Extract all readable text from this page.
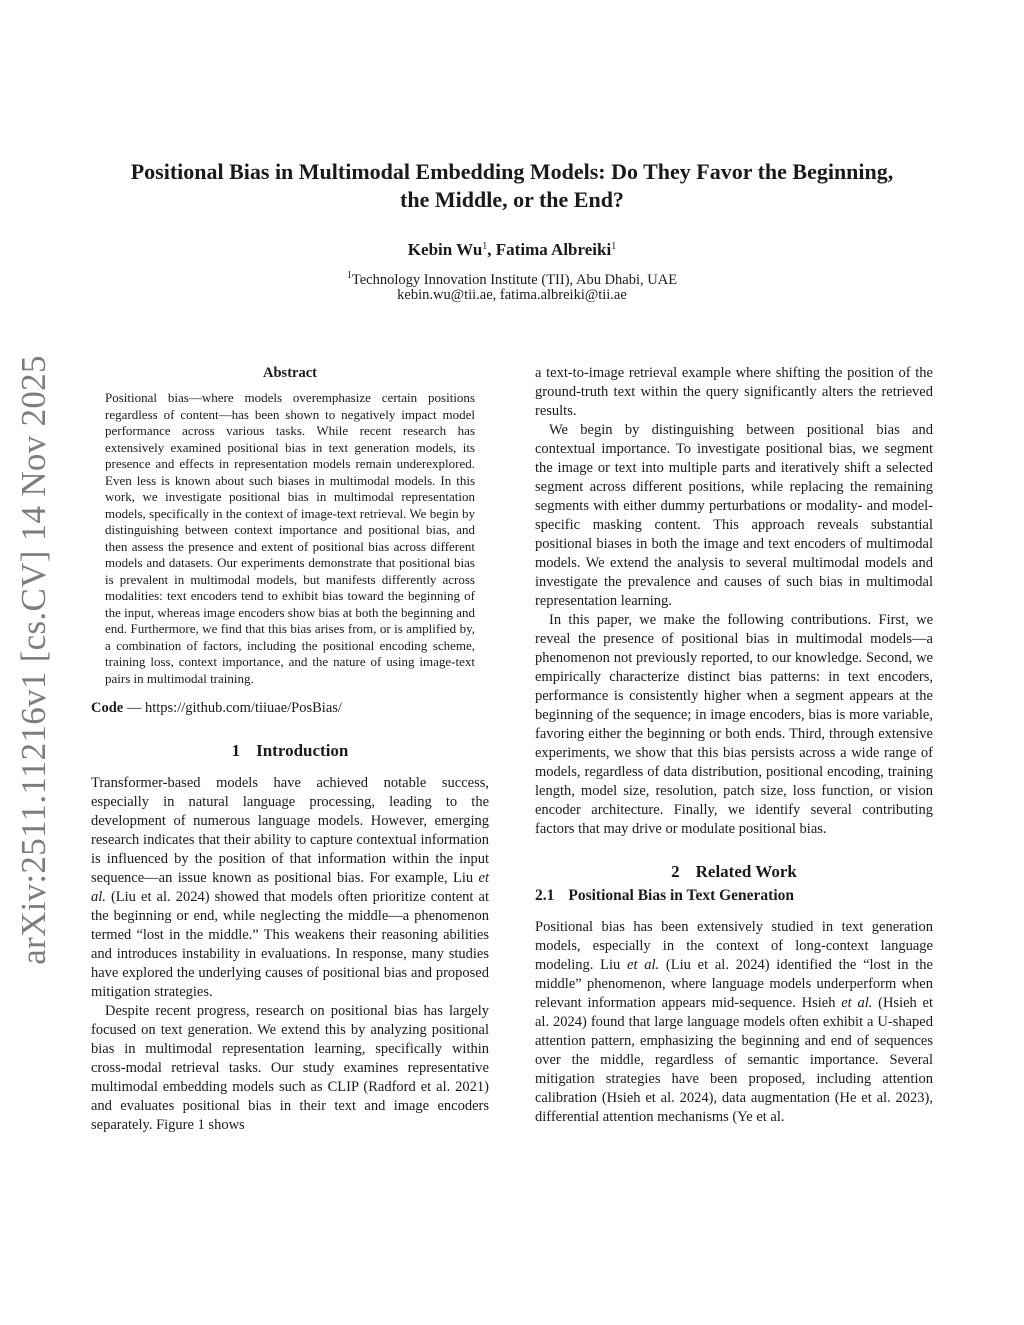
arXiv:2511.11216v1 [cs.CV] 14 Nov 2025
Positional Bias in Multimodal Embedding Models: Do They Favor the Beginning,
the Middle, or the End?
Kebin Wu$^1$, Fatima Albreiki$^1$
$^1$Technology Innovation Institute (TII), Abu Dhabi, UAE
kebin.wu@tii.ae, fatima.albreiki@tii.ae
Abstract

Positional bias—where models overemphasize certain positions regardless of content—has been shown to negatively impact model performance across various tasks. While recent research has extensively examined positional bias in text generation models, its presence and effects in representation models remain underexplored. Even less is known about such biases in multimodal models. In this work, we investigate positional bias in multimodal representation models, specifically in the context of image-text retrieval. We begin by distinguishing between context importance and positional bias, and then assess the presence and extent of positional bias across different models and datasets. Our experiments demonstrate that positional bias is prevalent in multimodal models, but manifests differently across modalities: text encoders tend to exhibit bias toward the beginning of the input, whereas image encoders show bias at both the beginning and end. Furthermore, we find that this bias arises from, or is amplified by, a combination of factors, including the positional encoding scheme, training loss, context importance, and the nature of using image-text pairs in multimodal training.

Code — https://github.com/tiiuae/PosBias/

1 Introduction

Transformer-based models have achieved notable success, especially in natural language processing, leading to the development of numerous language models. However, emerging research indicates that their ability to capture contextual information is influenced by the position of that information within the input sequence—an issue known as positional bias. For example, Liu et al. (Liu et al. 2024) showed that models often prioritize content at the beginning or end, while neglecting the middle—a phenomenon termed “lost in the middle.” This weakens their reasoning abilities and introduces instability in evaluations. In response, many studies have explored the underlying causes of positional bias and proposed mitigation strategies.

Despite recent progress, research on positional bias has largely focused on text generation. We extend this by analyzing positional bias in multimodal representation learning, specifically within cross-modal retrieval tasks. Our study examines representative multimodal embedding models such as CLIP (Radford et al. 2021) and evaluates positional bias in their text and image encoders separately. Figure 1 shows

a text-to-image retrieval example where shifting the position of the ground-truth text within the query significantly alters the retrieved results.

We begin by distinguishing between positional bias and contextual importance. To investigate positional bias, we segment the image or text into multiple parts and iteratively shift a selected segment across different positions, while replacing the remaining segments with either dummy perturbations or modality- and model-specific masking content. This approach reveals substantial positional biases in both the image and text encoders of multimodal models. We extend the analysis to several multimodal models and investigate the prevalence and causes of such bias in multimodal representation learning.

In this paper, we make the following contributions. First, we reveal the presence of positional bias in multimodal models—a phenomenon not previously reported, to our knowledge. Second, we empirically characterize distinct bias patterns: in text encoders, performance is consistently higher when a segment appears at the beginning of the sequence; in image encoders, bias is more variable, favoring either the beginning or both ends. Third, through extensive experiments, we show that this bias persists across a wide range of models, regardless of data distribution, positional encoding, training length, model size, resolution, patch size, loss function, or vision encoder architecture. Finally, we identify several contributing factors that may drive or modulate positional bias.

2 Related Work
2.1 Positional Bias in Text Generation

Positional bias has been extensively studied in text generation models, especially in the context of long-context language modeling. Liu et al. (Liu et al. 2024) identified the “lost in the middle” phenomenon, where language models underperform when relevant information appears mid-sequence. Hsieh et al. (Hsieh et al. 2024) found that large language models often exhibit a U-shaped attention pattern, emphasizing the beginning and end of sequences over the middle, regardless of semantic importance. Several mitigation strategies have been proposed, including attention calibration (Hsieh et al. 2024), data augmentation (He et al. 2023), differential attention mechanisms (Ye et al.
